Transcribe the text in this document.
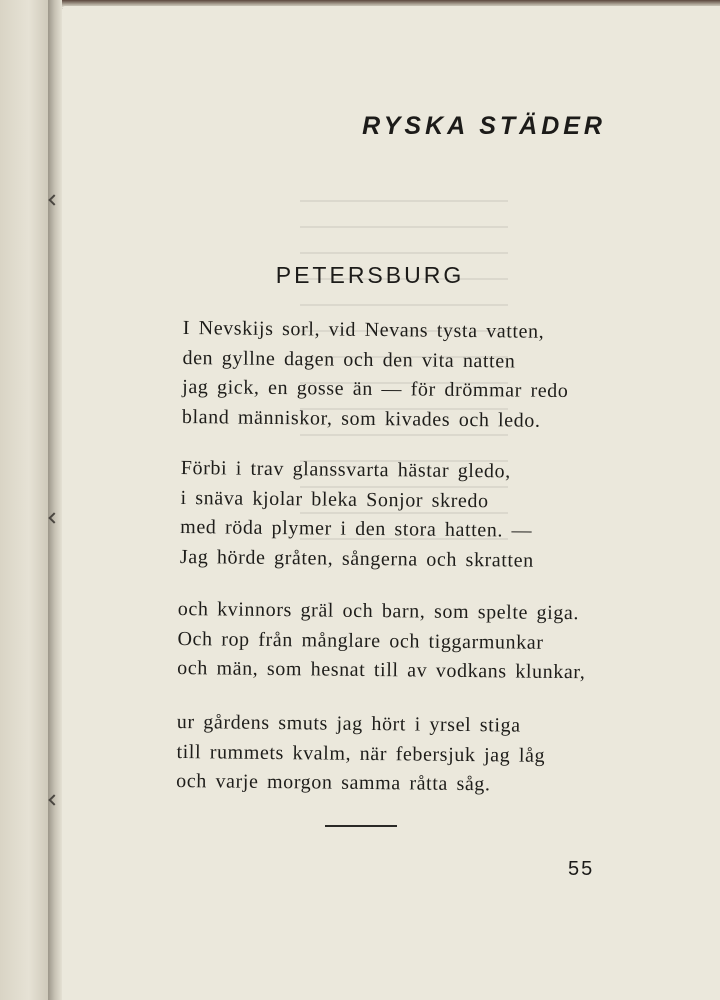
RYSKA STÄDER
PETERSBURG
I Nevskijs sorl, vid Nevans tysta vatten,
den gyllne dagen och den vita natten
jag gick, en gosse än — för drömmar redo
bland människor, som kivades och ledo.
Förbi i trav glanssvarta hästar gledo,
i snäva kjolar bleka Sonjor skredo
med röda plymer i den stora hatten. —
Jag hörde gråten, sångerna och skratten
och kvinnors gräl och barn, som spelte giga.
Och rop från månglare och tiggarmunkar
och män, som hesnat till av vodkans klunkar,
ur gårdens smuts jag hört i yrsel stiga
till rummets kvalm, när febersjuk jag låg
och varje morgon samma råtta såg.
55
